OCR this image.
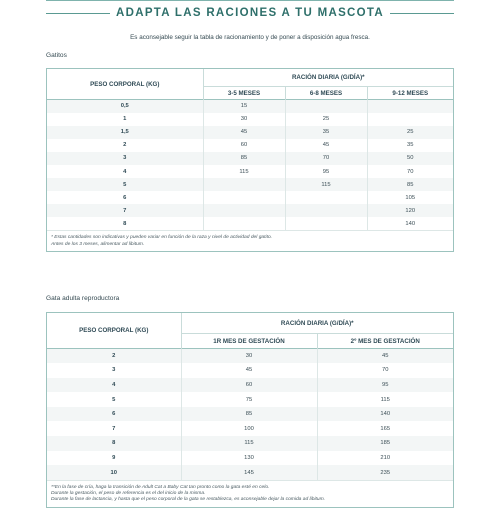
ADAPTA LAS RACIONES A TU MASCOTA
Es aconsejable seguir la tabla de racionamiento y de poner a disposición agua fresca.
Gatitos
PESO CORPORAL (KG)	RACIÓN DIARIA (G/DÍA)*		
	3-5 MESES	6-8 MESES	9-12 MESES
0,5	15		
1	30	25	
1,5	45	35	25
2	60	45	35
3	85	70	50
4	115	95	70
5		115	85
6			105
7			120
8			140
* Estas cantidades son indicativas y pueden variar en función de la raza y nivel de actividad del gatito.
Antes de los 3 meses, alimentar ad libitum.
Gata adulta reproductora
PESO CORPORAL (KG)	RACIÓN DIARIA (G/DÍA)*	
	1R MES DE GESTACIÓN	2º MES DE GESTACIÓN
2	30	45
3	45	70
4	60	95
5	75	115
6	85	140
7	100	165
8	115	185
9	130	210
10	145	235
**En la fase de cría, haga la transición de Adult Cat a Baby Cat tan pronto como la gata esté en celo.
Durante la gestación, el peso de referencia es el del inicio de la misma.
Durante la fase de lactancia, y hasta que el peso corporal de la gata se restablezca, es aconsejable dejar la comida ad libitum.
